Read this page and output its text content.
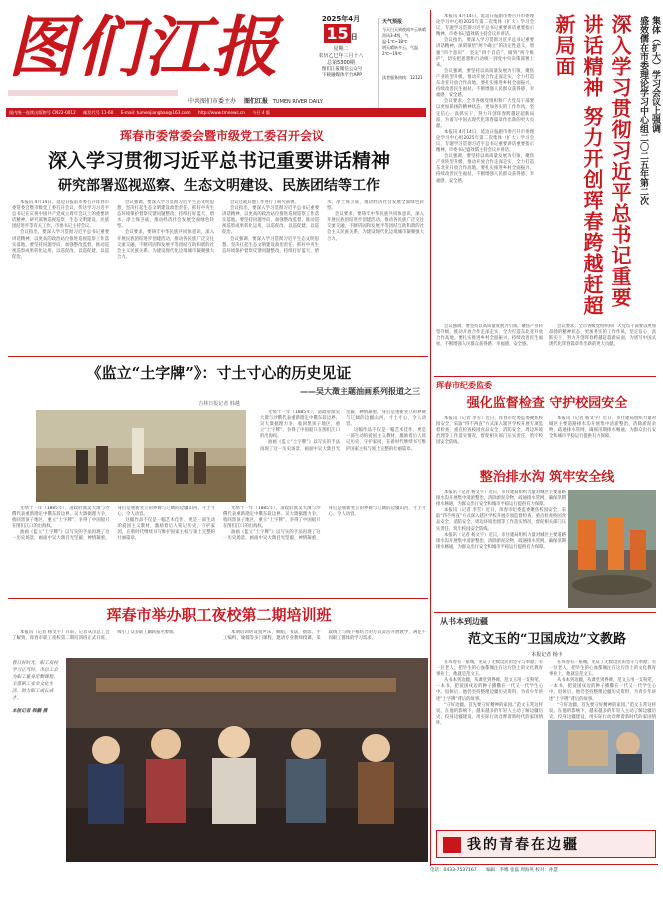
图们江报	2025年4月15 日
星期二
农历乙巳年三月十八
总第5300期
图们江报微信公众号
下载融媒体平台APP
天气预报
今天白天到夜间多云转晴
西风3-4级，气温-1℃~18℃
明天晴转多云，气温2℃~19℃
读者服务热线：12121
中共图们市委主办 图们江报 TUMEN RIVER DAILY
国内统一连续出版物号 CN22-0012 邮发代号 11-60 E-mail: tumenjiangbao@163.com http://www.tmnews.cn 今日 4 版
珲春市委常委会暨市级党工委召开会议
深入学习贯彻习近平总书记重要讲话精神
研究部署巡视巡察、生态文明建设、民族团结等工作

本报讯 4月14日，延边日报前市委召开珲春市委常委会暨市级党工委召开会议，传达学习习近平总书记在庆祝中国共产党成立周年会议上的重要讲话精神，研究部署巡视巡察、生态文明建设、民族团结进步等有关工作。市委书记主持会议。

会议指出，要深入学习贯彻习近平总书记重要讲话精神，以更高的政治站位推进巡视巡察工作落实落地。要坚持问题导向，加强整改监督，推动巡视巡察成果转化运用，以巡促改、以巡促建、以巡促治。

会议强调，要深入学习贯彻习近平生态文明思想，坚决扛起生态文明建设政治责任，抓好中央生态环境保护督察反馈问题整改，持续打好蓝天、碧水、净土保卫战，推动经济社会发展全面绿色转型。

会议要求，要铸牢中华民族共同体意识，深入开展民族团结进步创建活动，推动各民族广泛交往交流交融，不断巩固和发展平等团结互助和谐的社会主义民族关系，为建设现代化边境城市凝聚强大合力。

会议还就其他工作进行了研究部署。

会议指出，要深入学习贯彻习近平总书记重要讲话精神，以更高的政治站位推进巡视巡察工作落实落地。要坚持问题导向，加强整改监督，推动巡视巡察成果转化运用，以巡促改、以巡促建、以巡促治。

会议强调，要深入学习贯彻习近平生态文明思想，坚决扛起生态文明建设政治责任，抓好中央生态环境保护督察反馈问题整改，持续打好蓝天、碧水、净土保卫战，推动经济社会发展全面绿色转型。

会议要求，要铸牢中华民族共同体意识，深入开展民族团结进步创建活动，推动各民族广泛交往交流交融，不断巩固和发展平等团结互助和谐的社会主义民族关系，为建设现代化边境城市凝聚强大合力。

本报讯 4月14日，延边日报副市委召开市委理论学习中心组2025年第二次集体（扩大）学习会议，专题学习贯彻习近平总书记重要讲话重要指示精神。市委书记盛效儒主持会议并讲话。

会议指出，要深入学习贯彻习近平总书记重要讲话精神，深刻领悟“两个确立”的决定性意义，增强“四个意识”、坚定“四个自信”、做到“两个维护”，切实把思想和行动统一到党中央决策部署上来。

会议强调，要坚持以高质量发展为引领，聚焦产业转型升级，推动开放合作走深走实，全力打造东北亚开放合作高地。要扎实推进乡村全面振兴，持续改善民生福祉，不断增强人民群众获得感、幸福感、安全感。

会议要求，全市各级党组织和广大党员干部要以更加昂扬的精神状态、更加务实的工作作风，坚定信心、真抓实干，努力开创珲春跨越赶超新局面，为谱写中国式现代化珲春篇章作出新的更大贡献。

本报讯 4月14日，延边日报副市委召开市委理论学习中心组2025年第二次集体（扩大）学习会议，专题学习贯彻习近平总书记重要讲话重要指示精神。市委书记盛效儒主持会议并讲话。

会议强调，要坚持以高质量发展为引领，聚焦产业转型升级，推动开放合作走深走实，全力打造东北亚开放合作高地。要扎实推进乡村全面振兴，持续改善民生福祉，不断增强人民群众获得感、幸福感、安全感。

集体（扩大）学习会议上强调
盛效儒在市委理论学习中心组二〇二五年第二次
深入学习贯彻习近平总书记重要讲话精神 努力开创珲春跨越赶超新局面

会议强调，要坚持以高质量发展为引领，聚焦产业转型升级，推动开放合作走深走实，全力打造东北亚开放合作高地。要扎实推进乡村全面振兴，持续改善民生福祉，不断增强人民群众获得感、幸福感、安全感。

会议要求，全市各级党组织和广大党员干部要以更加昂扬的精神状态、更加务实的工作作风，坚定信心、真抓实干，努力开创珲春跨越赶超新局面，为谱写中国式现代化珲春篇章作出新的更大贡献。

珲春市纪委监委
强化监督检查 守护校园安全

本报讯（记者 李雪）近日，珲春市纪委监委聚焦校园安全，采取“四不两直”方式深入辖区学校开展专项监督检查，重点检查校园食品安全、消防安全、周边环境治理等工作落实情况，督促相关部门压实责任，筑牢校园安全防线。

本报讯（记者 杨文宇）近日，市住建局组织力量对城区主要道路排水沟开展集中清淤整治，清除淤泥杂物，疏通排水管网，确保汛期排水畅通，为群众出行安全和城市平稳运行提供有力保障。

整治排水沟 筑牢安全线

本报讯（记者 杨文宇）近日，市住建局组织力量对城区主要道路排水沟开展集中清淤整治，清除淤泥杂物，疏通排水管网，确保汛期排水畅通，为群众出行安全和城市平稳运行提供有力保障。

本报讯（记者 李雪）近日，珲春市纪委监委聚焦校园安全，采取“四不两直”方式深入辖区学校开展专项监督检查，重点检查校园食品安全、消防安全、周边环境治理等工作落实情况，督促相关部门压实责任，筑牢校园安全防线。

本报讯（记者 杨文宇）近日，市住建局组织力量对城区主要道路排水沟开展集中清淤整治，清除淤泥杂物，疏通排水管网，确保汛期排水畅通，为群众出行安全和城市平稳运行提供有力保障。

从书本到边疆
范文玉的“卫国成边”文教路
本报记者 杨卡

在珲春有一座城，见证了无数边民的坚守与奉献；有一位老人，把毕生的心血都倾注在这片热土的文化教育事业上，他就是范文玉。

从书本到边疆，从课堂到界碑，范文玉用一支粉笔、一本书，把爱国戍边的种子播撒在一代又一代学生心中。退休后，他仍坚持整理边疆历史资料，为青少年讲述“土字牌”背后的故事。

“守好边疆，首先要守好精神的家园。”范文玉常这样说。在他的影响下，越来越多的年轻人主动了解边疆历史、投身边疆建设，用实际行动诠释着新时代的家国情怀。

在珲春有一座城，见证了无数边民的坚守与奉献；有一位老人，把毕生的心血都倾注在这片热土的文化教育事业上，他就是范文玉。

从书本到边疆，从课堂到界碑，范文玉用一支粉笔、一本书，把爱国戍边的种子播撒在一代又一代学生心中。退休后，他仍坚持整理边疆历史资料，为青少年讲述“土字牌”背后的故事。

“守好边疆，首先要守好精神的家园。”范文玉常这样说。在他的影响下，越来越多的年轻人主动了解边疆历史、投身边疆建设，用实际行动诠释着新时代的家国情

我的青春在边疆
《监立“土字牌”》：寸土寸心的历史见证
——吴大澂主题油画系列报道之三
吉林日报记者 韩越

光绪十一年（1885年），清政府派吴大澂与沙俄代表重新勘定中俄东段边界。吴大澂据理力争，收回黑顶子地区，重立“土字牌”，争得了中国船只在图们江口的出海权。

油画《监立“土字牌”》以写实的手法再现了这一历史场景，画面中吴大澂目光坚毅、神情凝重，身后是重新竖立的界碑与辽阔的边疆山河，寸土寸心，令人动容。

这幅作品不仅是一幅艺术佳作，更是一部生动的爱国主义教材，激励着后人铭记历史、守护家园，在新时代继续书写维护国家主权与领土完整的壮丽篇章。

光绪十一年（1885年），清政府派吴大澂与沙俄代表重新勘定中俄东段边界。吴大澂据理力争，收回黑顶子地区，重立“土字牌”，争得了中国船只在图们江口的出海权。

油画《监立“土字牌”》以写实的手法再现了这一历史场景，画面中吴大澂目光坚毅、神情凝重，身后是重新竖立的界碑与辽阔的边疆山河，寸土寸心，令人动容。

这幅作品不仅是一幅艺术佳作，更是一部生动的爱国主义教材，激励着后人铭记历史、守护家园，在新时代继续书写维护国家主权与领土完整的壮丽篇章。

光绪十一年（1885年），清政府派吴大澂与沙俄代表重新勘定中俄东段边界。吴大澂据理力争，收回黑顶子地区，重立“土字牌”，争得了中国船只在图们江口的出海权。

油画《监立“土字牌”》以写实的手法再现了这一历史场景，画面中吴大澂目光坚毅、神情凝重，身后是重新竖立的界碑与辽阔的边疆山河，寸土寸心，令人动容。

珲春市举办职工夜校第二期培训班

本报讯（记者 杨文宇）日前，记者从市总工会了解到，珲春市职工夜校第二期培训班正式开班，吸引了众多职工踊跃报名参加。	本期培训班设置声乐、舞蹈、书法、摄影、手工编织、瑜伽等多门课程，邀请专业教师授课，采取线上与线下相结合的方式灵活开展教学，满足不同职工群体的学习需求。

春日好时光，职工夜校学习正当时。市总工会为职工量身定制课程，丰富职工业余文化生活，助力职工成长成才。
本报记者 韩鹏 摄
电话：0433-7537167 编辑：李娜 张磊 周海英 校对：孙慧
